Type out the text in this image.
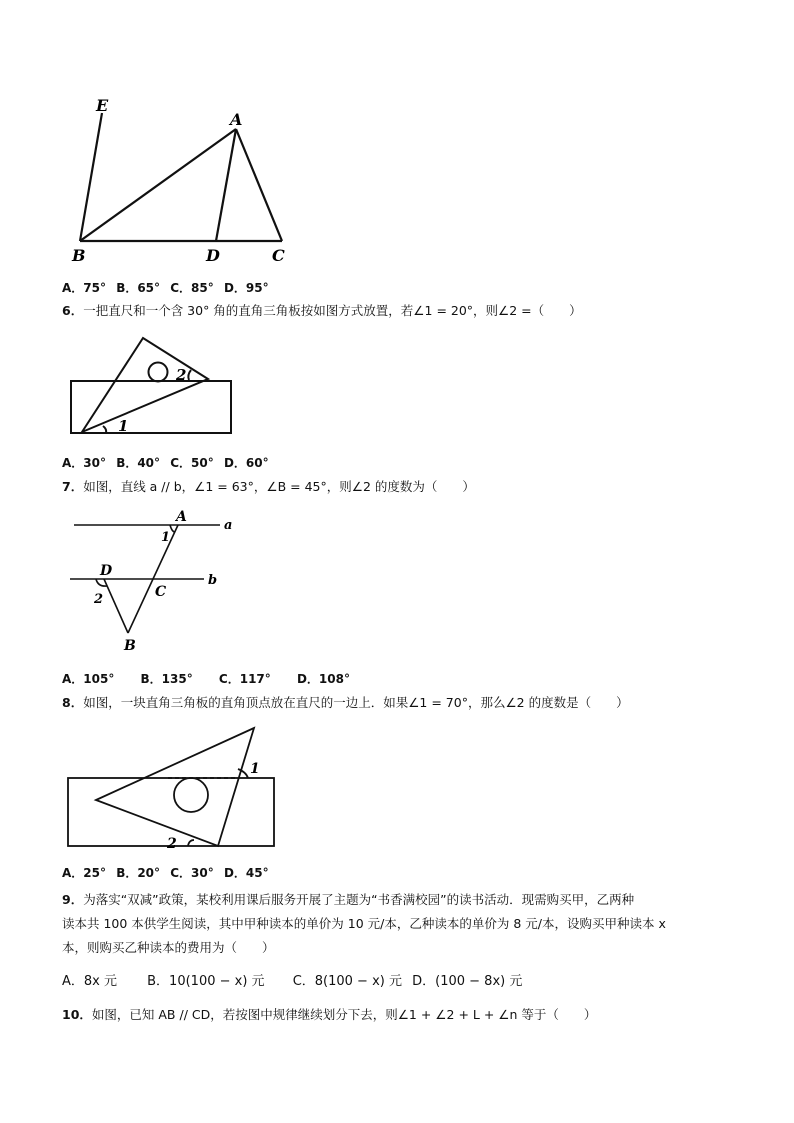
E
A
B	D	C
A．75° B．65° C．85° D．95°
6．一把直尺和一个含 30° 角的直角三角板按如图方式放置，若∠1 = 20°，则∠2 =（　　）
1
2
A．30° B．40° C．50° D．60°
7．如图，直线 a // b，∠1 = 63°，∠B = 45°，则∠2 的度数为（　　）
A
a
1
D
b
2	C
B
A．105° B．135° C．117° D．108°
8．如图，一块直角三角板的直角顶点放在直尺的一边上．如果∠1 = 70°，那么∠2 的度数是（　　）
1
2
A．25° B．20° C．30° D．45°
9．为落实“双减”政策，某校利用课后服务开展了主题为“书香满校园”的读书活动．现需购买甲，乙两种
读本共 100 本供学生阅读，其中甲种读本的单价为 10 元/本，乙种读本的单价为 8 元/本，设购买甲种读本 x
本，则购买乙种读本的费用为（　　）
A．8x 元 B．10(100 − x) 元 C．8(100 − x) 元 D．(100 − 8x) 元
10．如图，已知 AB // CD，若按图中规律继续划分下去，则∠1 + ∠2 + L + ∠n 等于（　　）
